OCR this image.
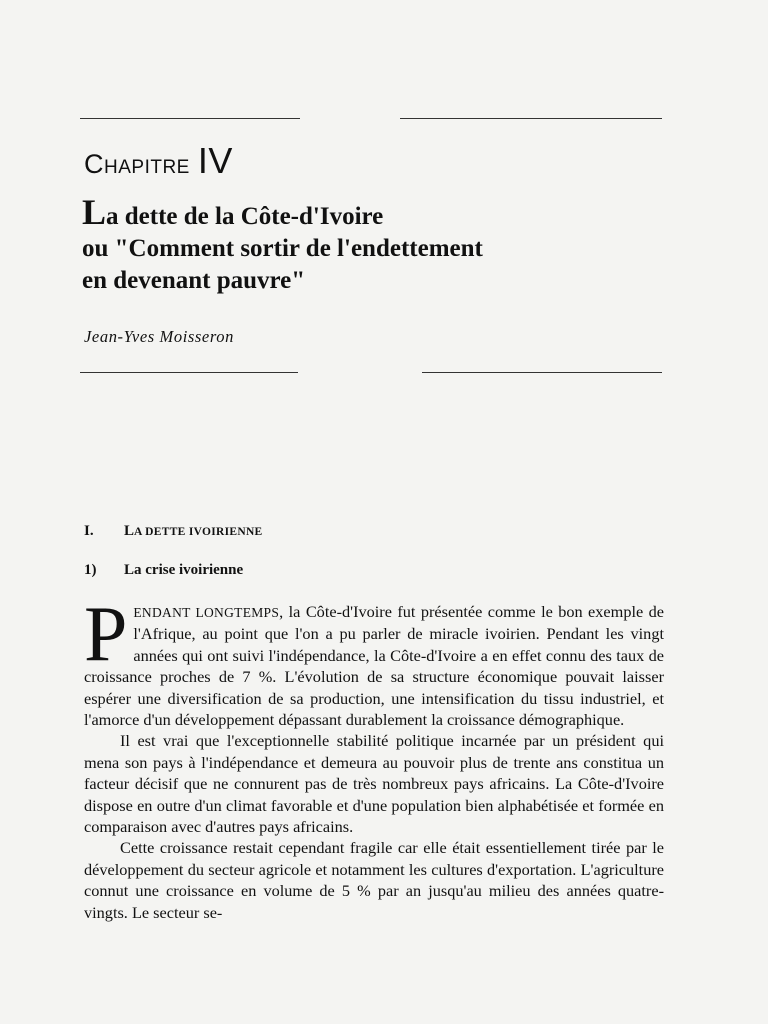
CHAPITRE IV
La dette de la Côte-d'Ivoire
ou "Comment sortir de l'endettement
en devenant pauvre"
Jean-Yves Moisseron
I. LA DETTE IVOIRIENNE
1) La crise ivoirienne

PENDANT LONGTEMPS, la Côte-d'Ivoire fut présentée comme le bon exemple de l'Afrique, au point que l'on a pu parler de miracle ivoirien. Pendant les vingt années qui ont suivi l'indépendance, la Côte-d'Ivoire a en effet connu des taux de croissance proches de 7 %. L'évolution de sa structure économique pouvait laisser espérer une diversification de sa production, une intensification du tissu industriel, et l'amorce d'un développement dépassant durablement la croissance démographique.

Il est vrai que l'exceptionnelle stabilité politique incarnée par un président qui mena son pays à l'indépendance et demeura au pouvoir plus de trente ans constitua un facteur décisif que ne connurent pas de très nombreux pays africains. La Côte-d'Ivoire dispose en outre d'un climat favorable et d'une population bien alphabétisée et formée en comparaison avec d'autres pays africains.

Cette croissance restait cependant fragile car elle était essentiellement tirée par le développement du secteur agricole et notamment les cultures d'exportation. L'agriculture connut une croissance en volume de 5 % par an jusqu'au milieu des années quatre-vingts. Le secteur se-
